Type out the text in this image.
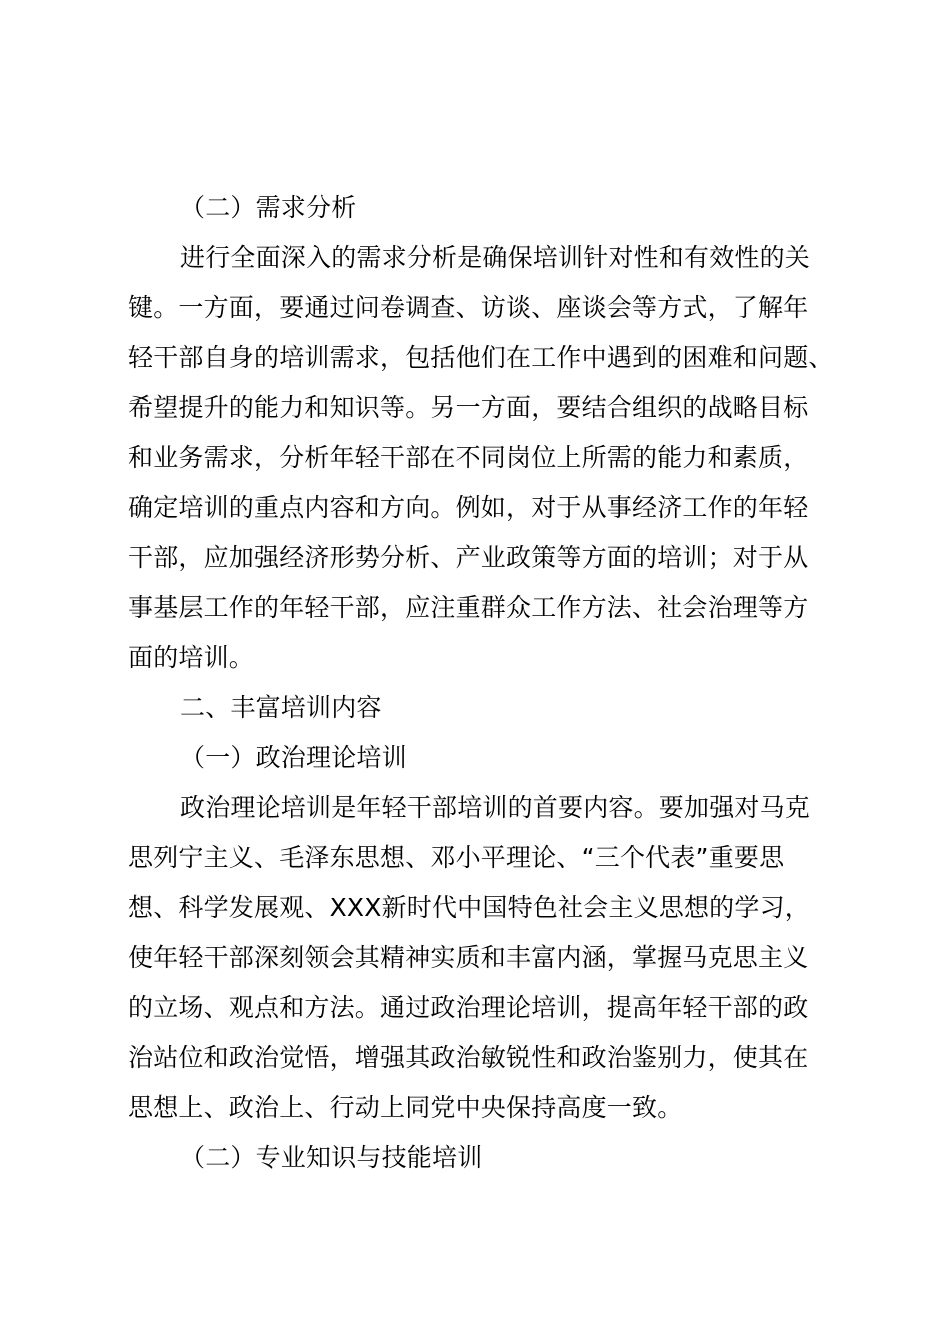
（二）需求分析
进行全面深入的需求分析是确保培训针对性和有效性的关
键。一方面，要通过问卷调查、访谈、座谈会等方式，了解年
轻干部自身的培训需求，包括他们在工作中遇到的困难和问题、
希望提升的能力和知识等。另一方面，要结合组织的战略目标
和业务需求，分析年轻干部在不同岗位上所需的能力和素质，
确定培训的重点内容和方向。例如，对于从事经济工作的年轻
干部，应加强经济形势分析、产业政策等方面的培训；对于从
事基层工作的年轻干部，应注重群众工作方法、社会治理等方
面的培训。
二、丰富培训内容
（一）政治理论培训
政治理论培训是年轻干部培训的首要内容。要加强对马克
思列宁主义、毛泽东思想、邓小平理论、“三个代表”重要思
想、科学发展观、XXX新时代中国特色社会主义思想的学习，
使年轻干部深刻领会其精神实质和丰富内涵，掌握马克思主义
的立场、观点和方法。通过政治理论培训，提高年轻干部的政
治站位和政治觉悟，增强其政治敏锐性和政治鉴别力，使其在
思想上、政治上、行动上同党中央保持高度一致。
（二）专业知识与技能培训
